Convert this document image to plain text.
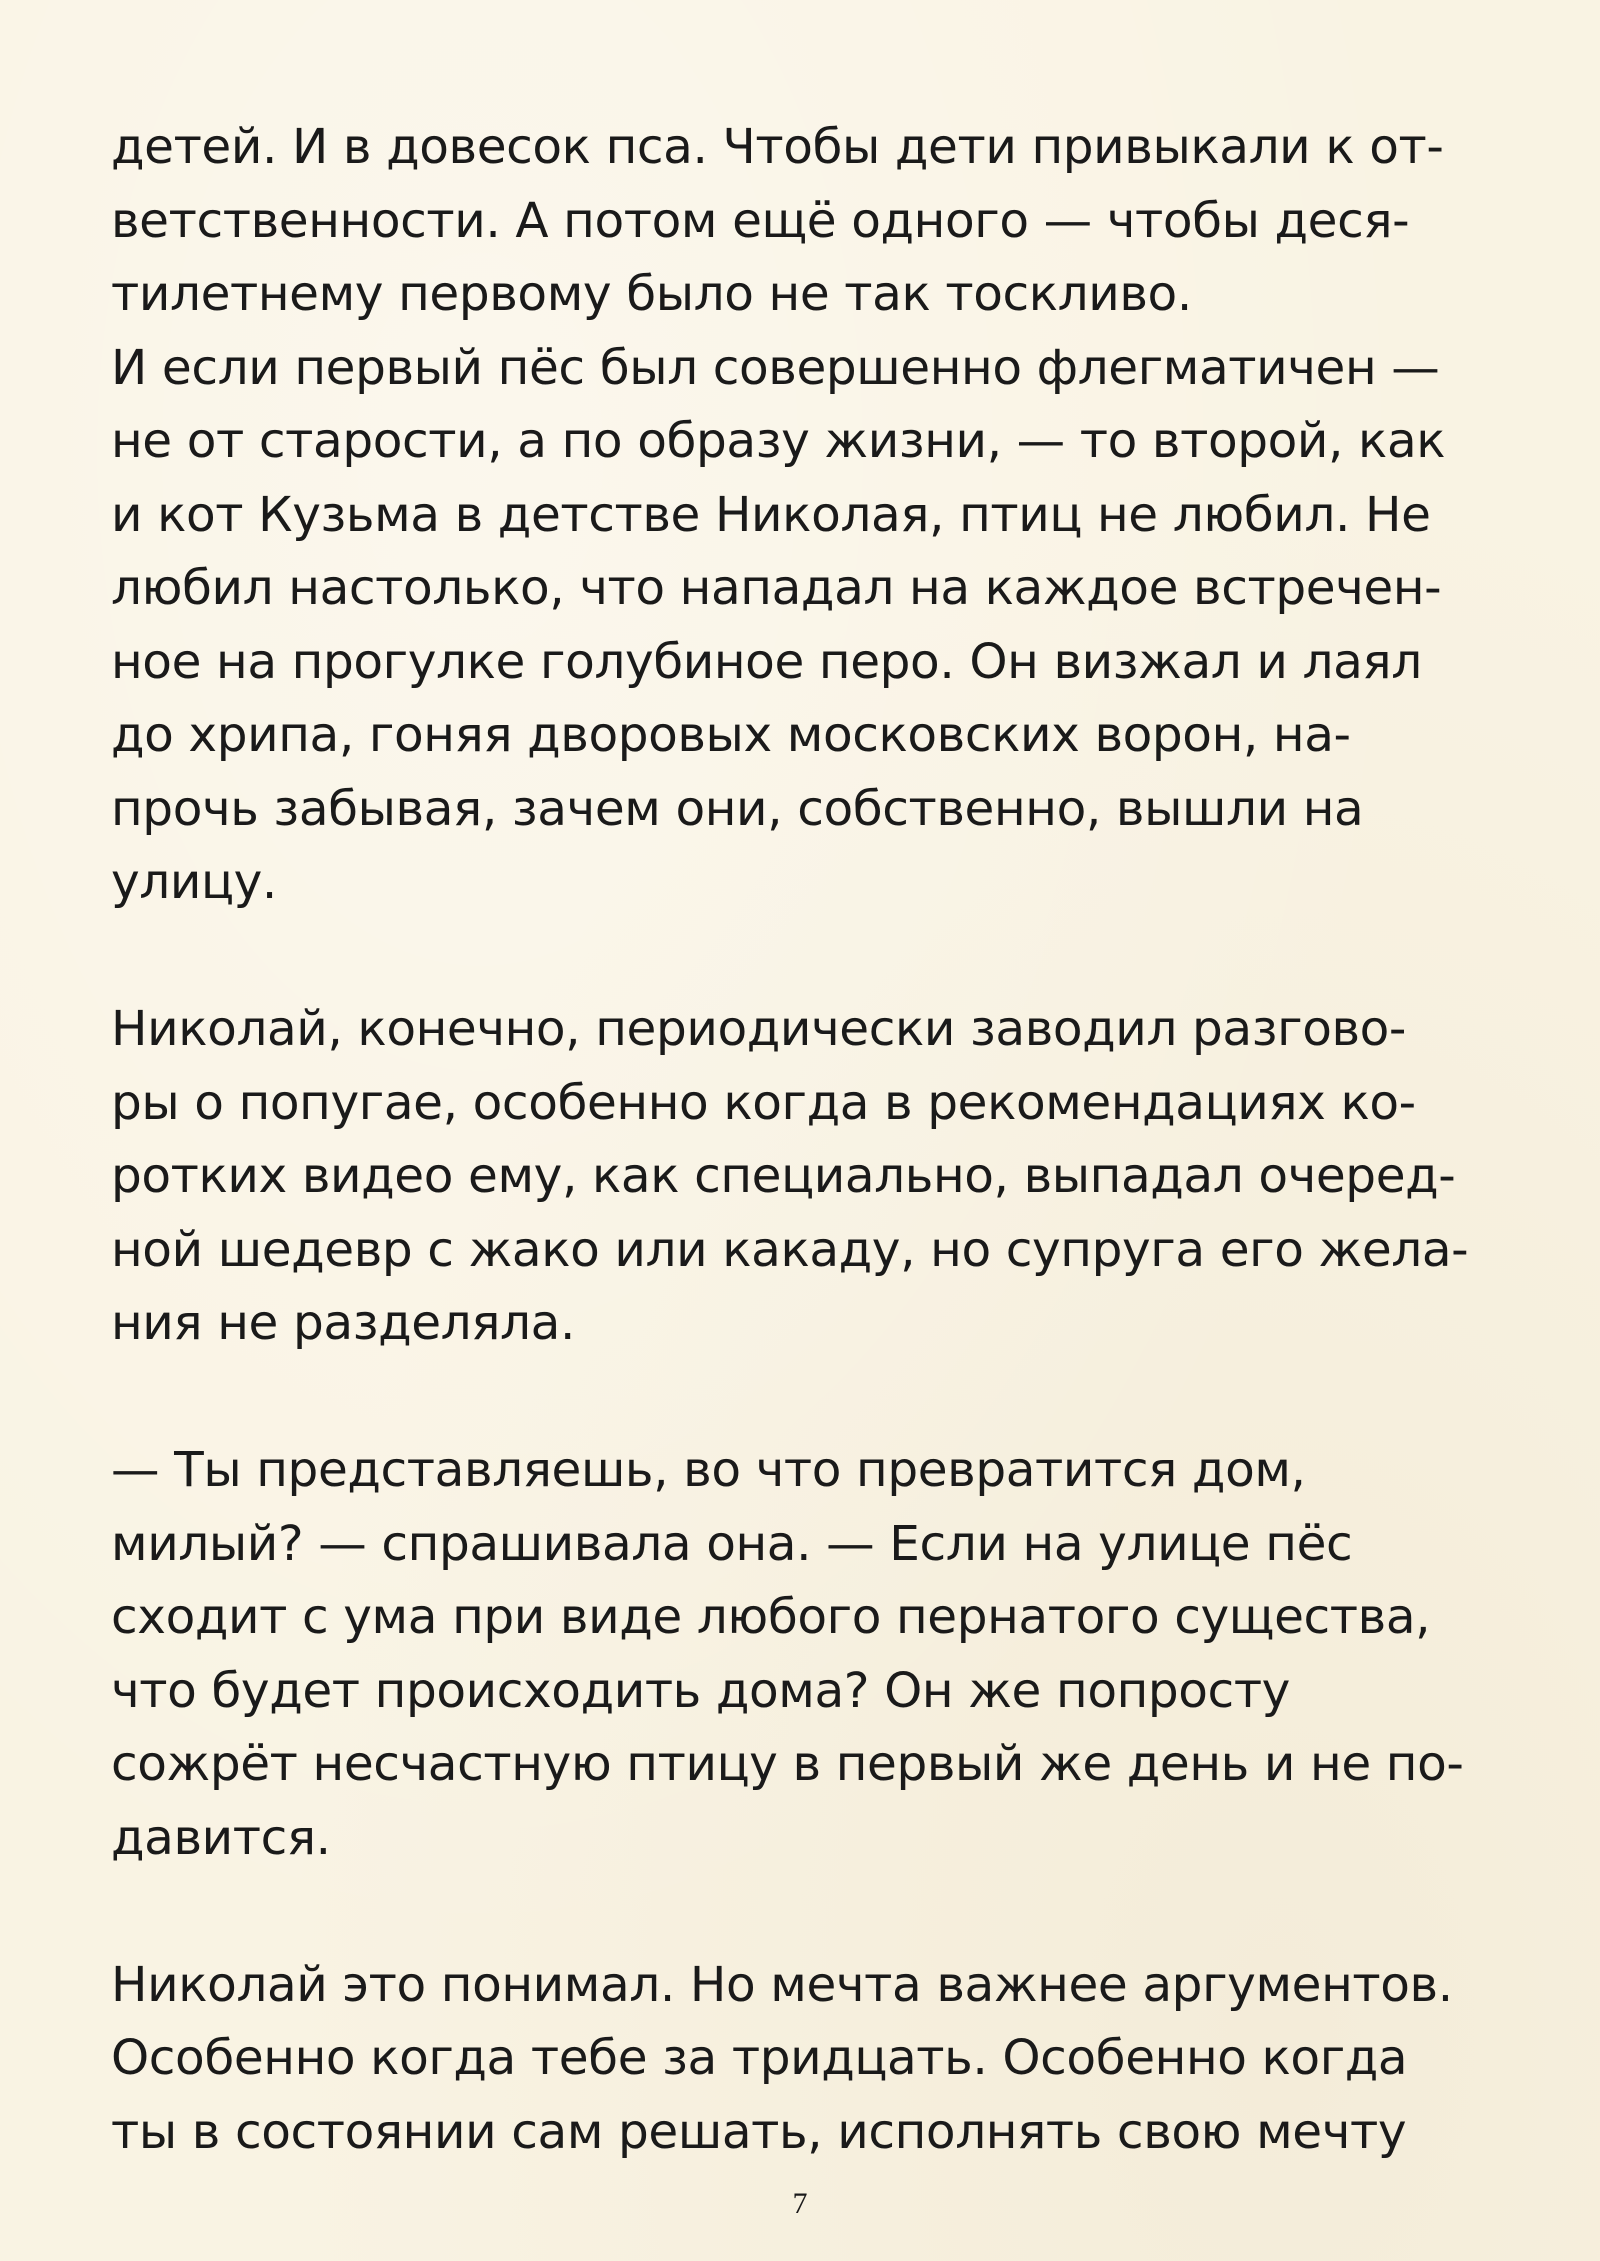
детей. И в довесок пса. Чтобы дети привыкали к от-
ветственности. А потом ещё одного — чтобы деся-
тилетнему первому было не так тоскливо.
И если первый пёс был совершенно флегматичен —
не от старости, а по образу жизни, — то второй, как
и кот Кузьма в детстве Николая, птиц не любил. Не
любил настолько, что нападал на каждое встречен-
ное на прогулке голубиное перо. Он визжал и лаял
до хрипа, гоняя дворовых московских ворон, на-
прочь забывая, зачем они, собственно, вышли на
улицу.
Николай, конечно, периодически заводил разгово-
ры о попугае, особенно когда в рекомендациях ко-
ротких видео ему, как специально, выпадал очеред-
ной шедевр с жако или какаду, но супруга его жела-
ния не разделяла.
— Ты представляешь, во что превратится дом,
милый? — спрашивала она. — Если на улице пёс
сходит с ума при виде любого пернатого существа,
что будет происходить дома? Он же попросту
сожрёт несчастную птицу в первый же день и не по-
давится.
Николай это понимал. Но мечта важнее аргументов.
Особенно когда тебе за тридцать. Особенно когда
ты в состоянии сам решать, исполнять свою мечту
7
